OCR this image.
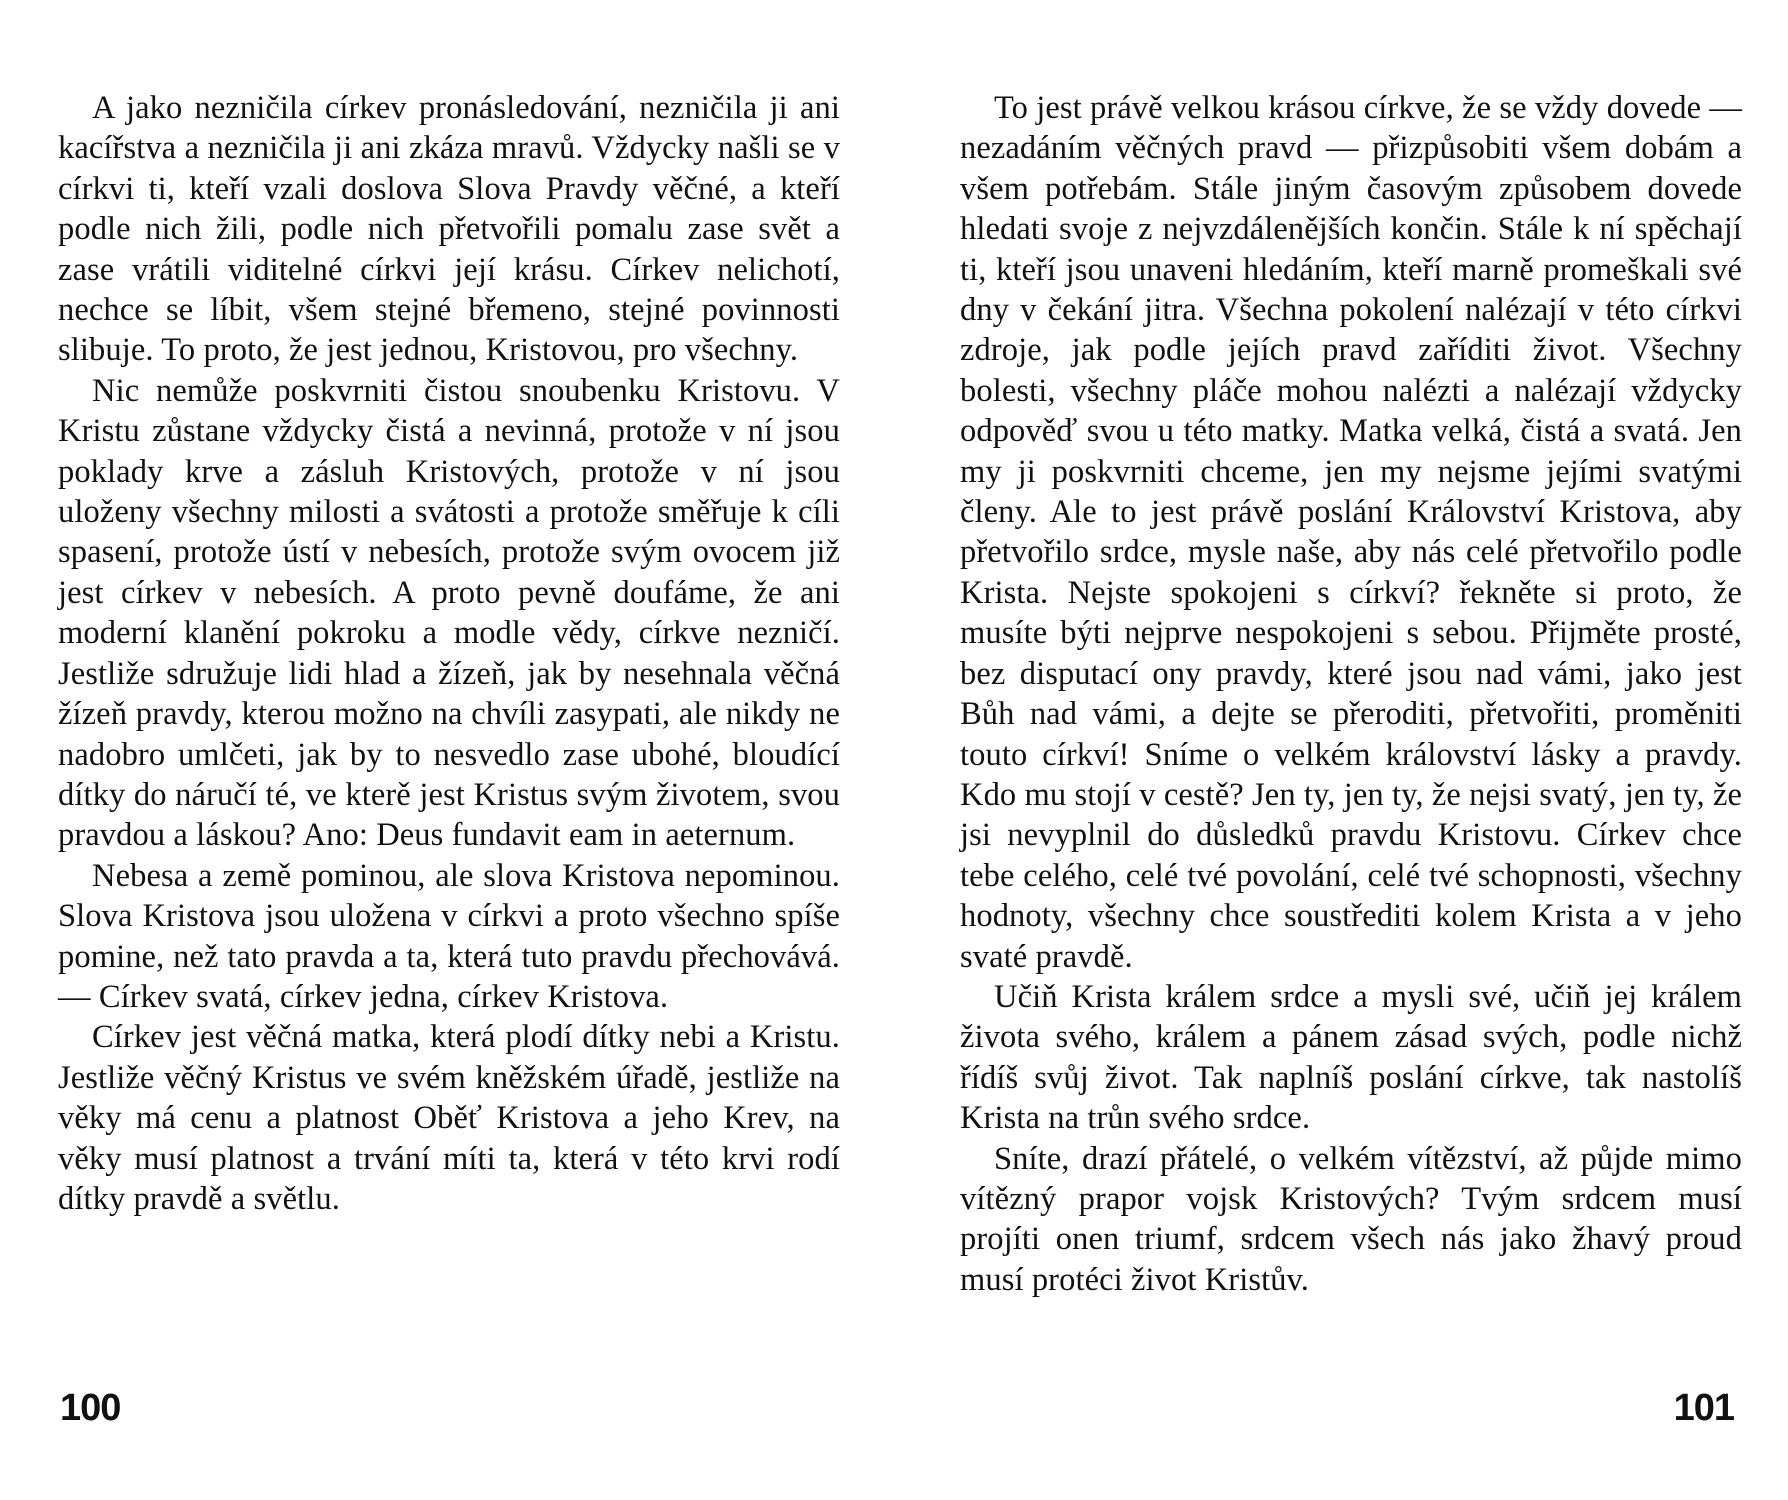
A jako nezničila církev pronásledování, nezničila ji ani kacířstva a nezničila ji ani zkáza mravů. Vždycky našli se v církvi ti, kteří vzali doslova Slova Pravdy věčné, a kteří podle nich žili, podle nich přetvořili pomalu zase svět a zase vrátili viditelné církvi její krásu. Církev nelichotí, nechce se líbit, všem stejné břemeno, stejné povinnosti slibuje. To proto, že jest jednou, Kristovou, pro všechny.

Nic nemůže poskvrniti čistou snoubenku Kristovu. V Kristu zůstane vždycky čistá a nevinná, protože v ní jsou poklady krve a zásluh Kristových, protože v ní jsou uloženy všechny milosti a svátosti a protože směřuje k cíli spasení, protože ústí v nebesích, protože svým ovocem již jest církev v nebesích. A proto pevně doufáme, že ani moderní klanění pokroku a modle vědy, církve nezničí. Jestliže sdružuje lidi hlad a žízeň, jak by nesehnala věčná žízeň pravdy, kterou možno na chvíli zasypati, ale nikdy ne nadobro umlčeti, jak by to nesvedlo zase ubohé, bloudící dítky do náručí té, ve kterě jest Kristus svým životem, svou pravdou a láskou? Ano: Deus fundavit eam in aeternum.

Nebesa a země pominou, ale slova Kristova nepominou. Slova Kristova jsou uložena v církvi a proto všechno spíše pomine, než tato pravda a ta, která tuto pravdu přechovává. — Církev svatá, církev jedna, církev Kristova.

Církev jest věčná matka, která plodí dítky nebi a Kristu. Jestliže věčný Kristus ve svém kněžském úřadě, jestliže na věky má cenu a platnost Oběť Kristova a jeho Krev, na věky musí platnost a trvání míti ta, která v této krvi rodí dítky pravdě a světlu.

100

To jest právě velkou krásou církve, že se vždy dovede — nezadáním věčných pravd — přizpůsobiti všem dobám a všem potřebám. Stále jiným časovým způsobem dovede hledati svoje z nejvzdálenějších končin. Stále k ní spěchají ti, kteří jsou unaveni hledáním, kteří marně promeškali své dny v čekání jitra. Všechna pokolení nalézají v této církvi zdroje, jak podle jejích pravd zaříditi život. Všechny bolesti, všechny pláče mohou nalézti a nalézají vždycky odpověď svou u této matky. Matka velká, čistá a svatá. Jen my ji poskvrniti chceme, jen my nejsme jejími svatými členy. Ale to jest právě poslání Království Kristova, aby přetvořilo srdce, mysle naše, aby nás celé přetvořilo podle Krista. Nejste spokojeni s církví? řekněte si proto, že musíte býti nejprve nespokojeni s sebou. Přijměte prosté, bez disputací ony pravdy, které jsou nad vámi, jako jest Bůh nad vámi, a dejte se přeroditi, přetvořiti, proměniti touto církví! Sníme o velkém království lásky a pravdy. Kdo mu stojí v cestě? Jen ty, jen ty, že nejsi svatý, jen ty, že jsi nevyplnil do důsledků pravdu Kristovu. Církev chce tebe celého, celé tvé povolání, celé tvé schopnosti, všechny hodnoty, všechny chce soustřediti kolem Krista a v jeho svaté pravdě.

Učiň Krista králem srdce a mysli své, učiň jej králem života svého, králem a pánem zásad svých, podle nichž řídíš svůj život. Tak naplníš poslání církve, tak nastolíš Krista na trůn svého srdce.

Sníte, drazí přátelé, o velkém vítězství, až půjde mimo vítězný prapor vojsk Kristových? Tvým srdcem musí projíti onen triumf, srdcem všech nás jako žhavý proud musí protéci život Kristův.

101
